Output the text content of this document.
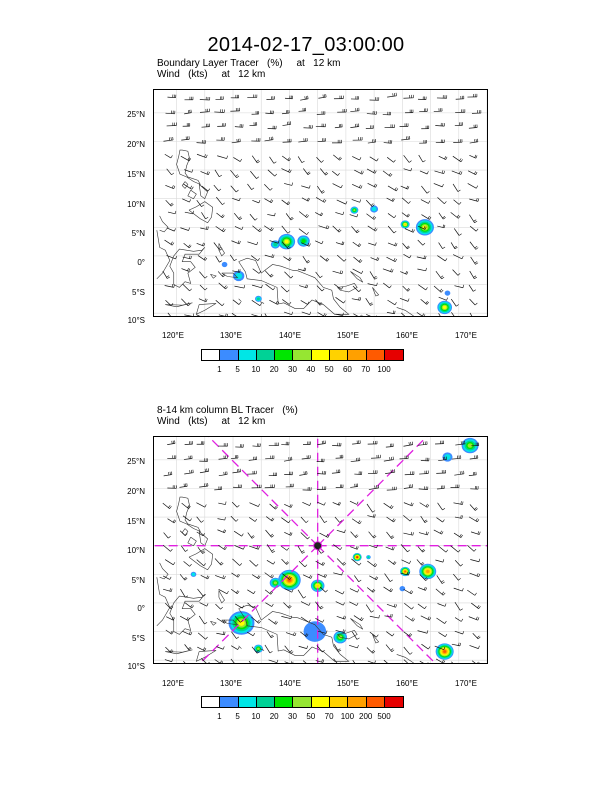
2014-02-17_03:00:00
Boundary Layer Tracer   (%)     at   12 km
Wind   (kts)     at   12 km
25°N
20°N
15°N
10°N
5°N
0°
5°S
10°S
120°E	130°E	140°E	150°E	160°E	170°E
1	5	10	20	30	40	50	60	70 100
8-14 km column BL Tracer   (%)
Wind   (kts)     at   12 km
25°N
20°N
15°N
10°N
5°N
0°
5°S
10°S
120°E	130°E	140°E	150°E	160°E	170°E
1	5	10	20	30	50	70 100 200 500
